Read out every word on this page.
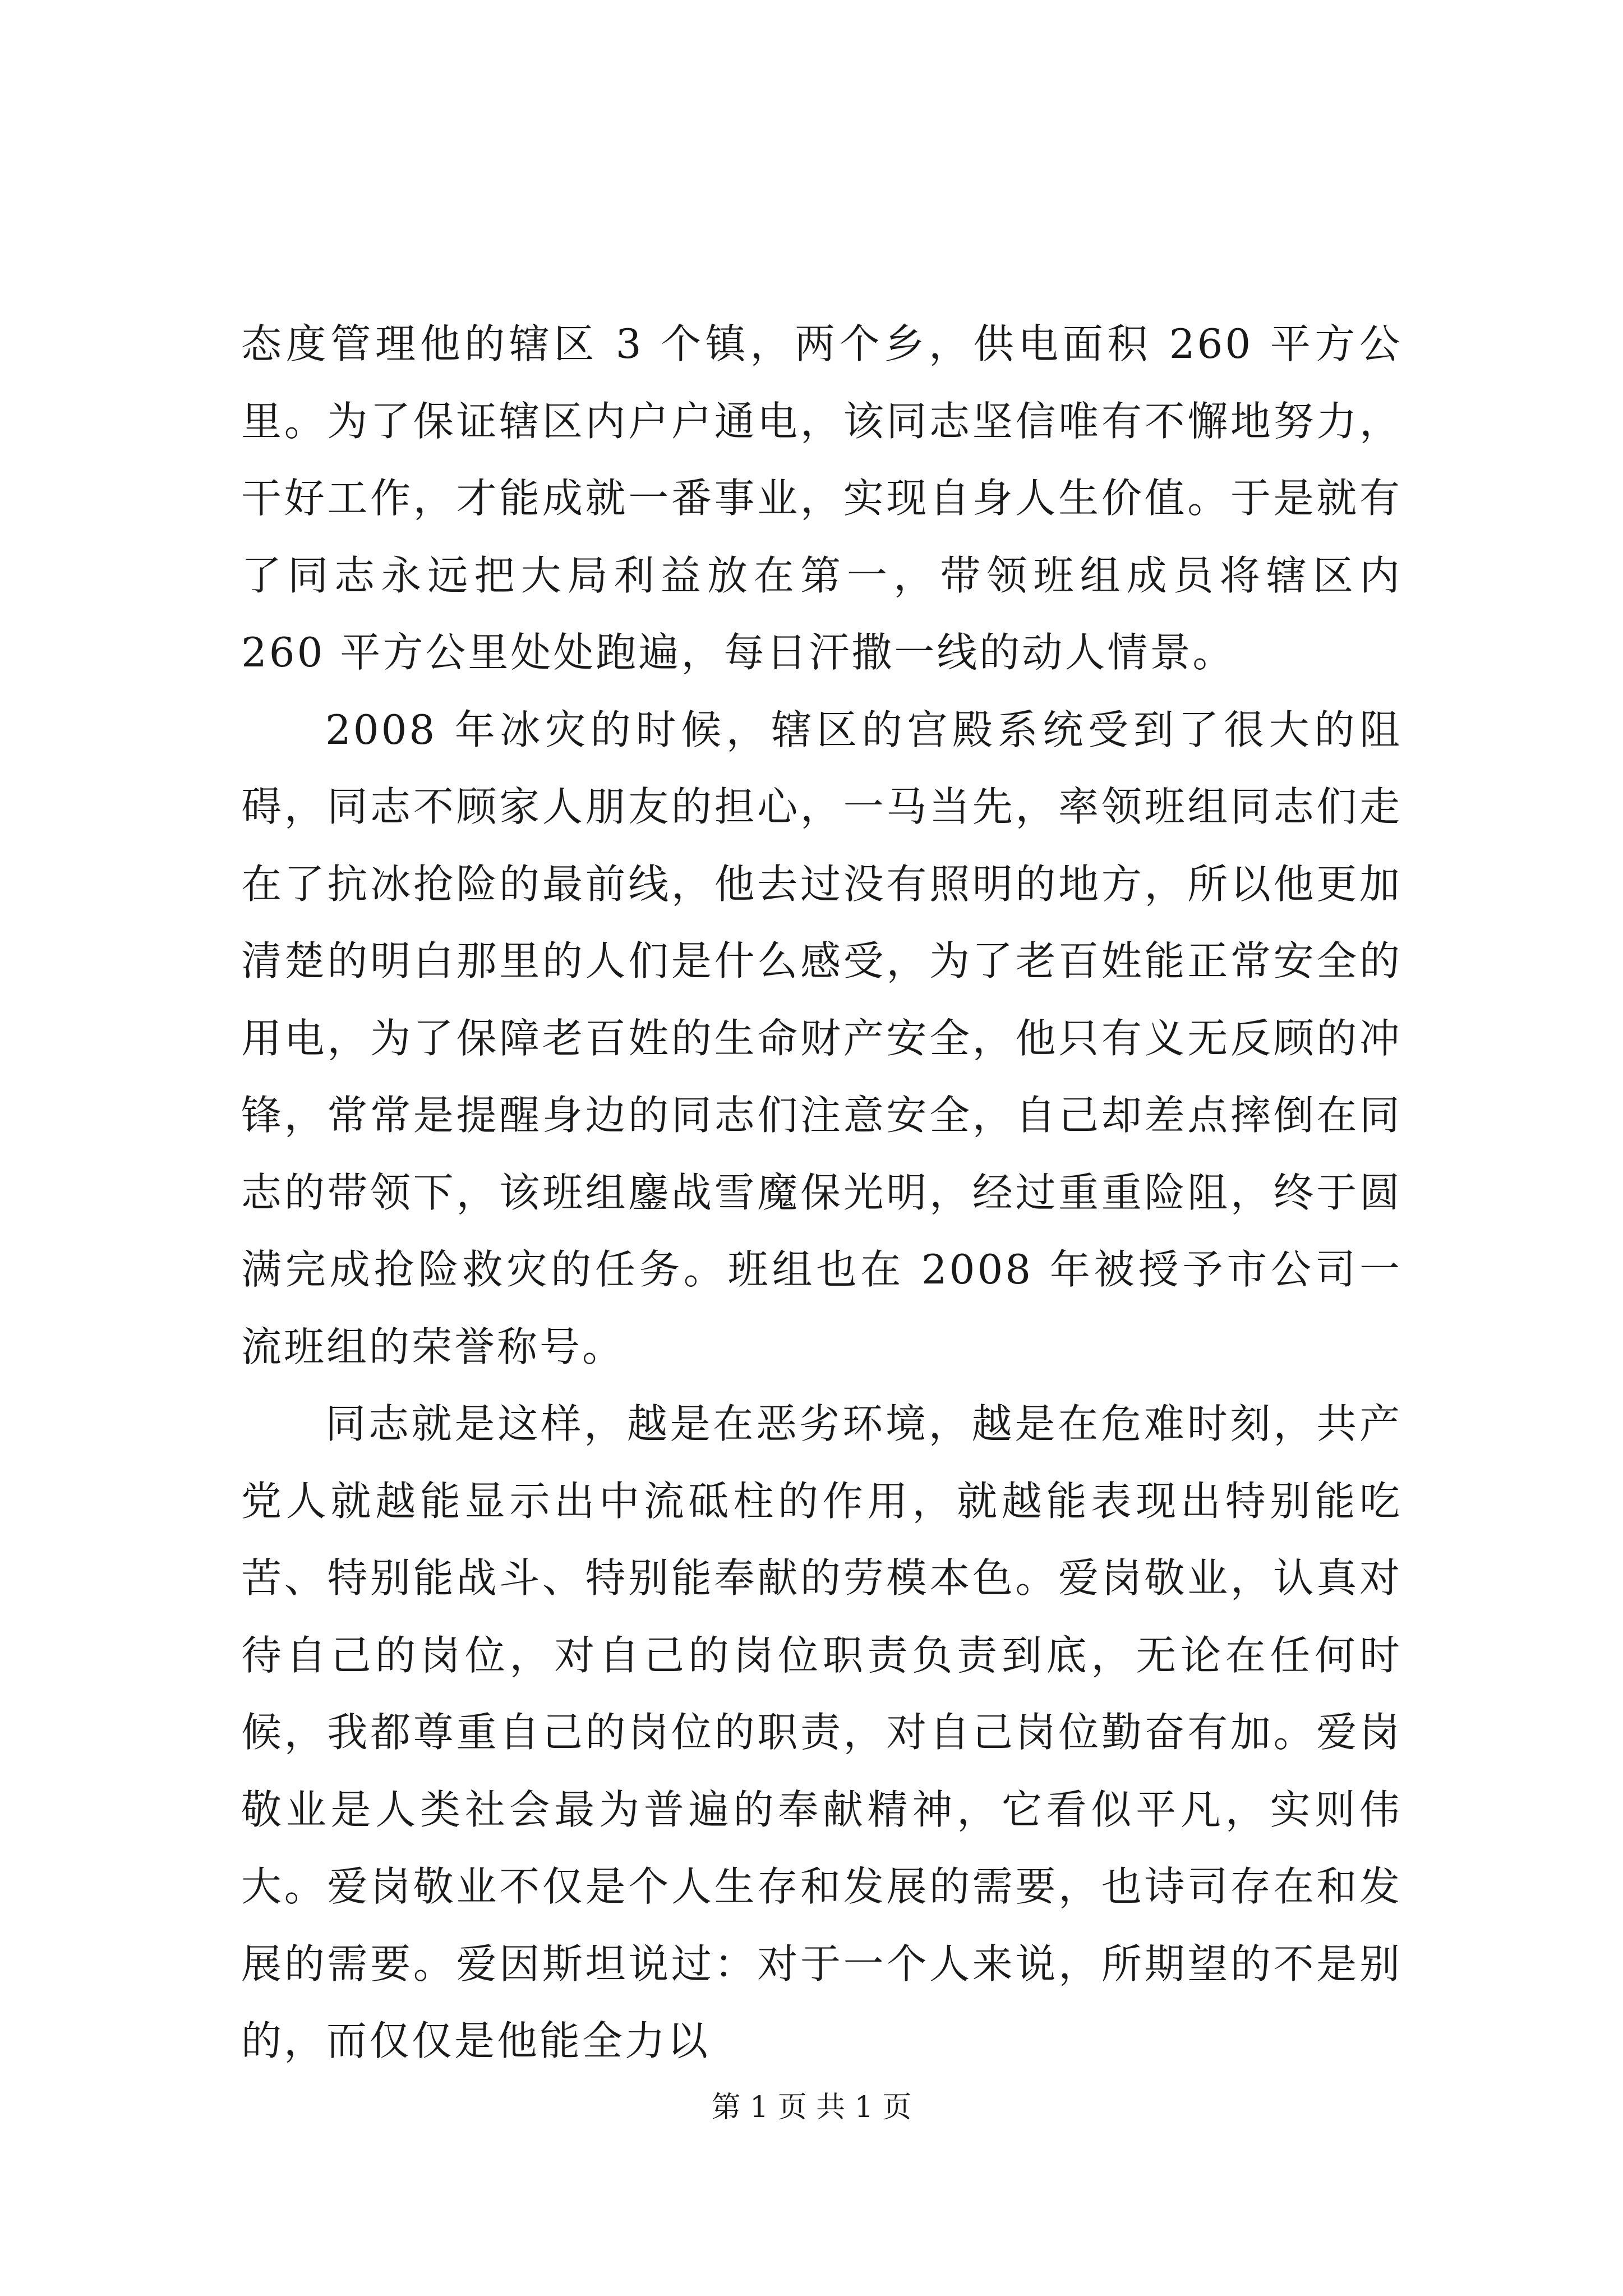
态度管理他的辖区 3 个镇，两个乡，供电面积 260 平方公里。为了保证辖区内户户通电，该同志坚信唯有不懈地努力，干好工作，才能成就一番事业，实现自身人生价值。于是就有了同志永远把大局利益放在第一，带领班组成员将辖区内 260 平方公里处处跑遍，每日汗撒一线的动人情景。

2008 年冰灾的时候，辖区的宫殿系统受到了很大的阻碍，同志不顾家人朋友的担心，一马当先，率领班组同志们走在了抗冰抢险的最前线，他去过没有照明的地方，所以他更加清楚的明白那里的人们是什么感受，为了老百姓能正常安全的用电，为了保障老百姓的生命财产安全，他只有义无反顾的冲锋，常常是提醒身边的同志们注意安全，自己却差点摔倒在同志的带领下，该班组鏖战雪魔保光明，经过重重险阻，终于圆满完成抢险救灾的任务。班组也在 2008 年被授予市公司一流班组的荣誉称号。

同志就是这样，越是在恶劣环境，越是在危难时刻，共产党人就越能显示出中流砥柱的作用，就越能表现出特别能吃苦、特别能战斗、特别能奉献的劳模本色。爱岗敬业，认真对待自己的岗位，对自己的岗位职责负责到底，无论在任何时候，我都尊重自己的岗位的职责，对自己岗位勤奋有加。爱岗敬业是人类社会最为普遍的奉献精神，它看似平凡，实则伟大。爱岗敬业不仅是个人生存和发展的需要，也诗司存在和发展的需要。爱因斯坦说过：对于一个人来说，所期望的不是别的，而仅仅是他能全力以

第 1 页 共 1 页
